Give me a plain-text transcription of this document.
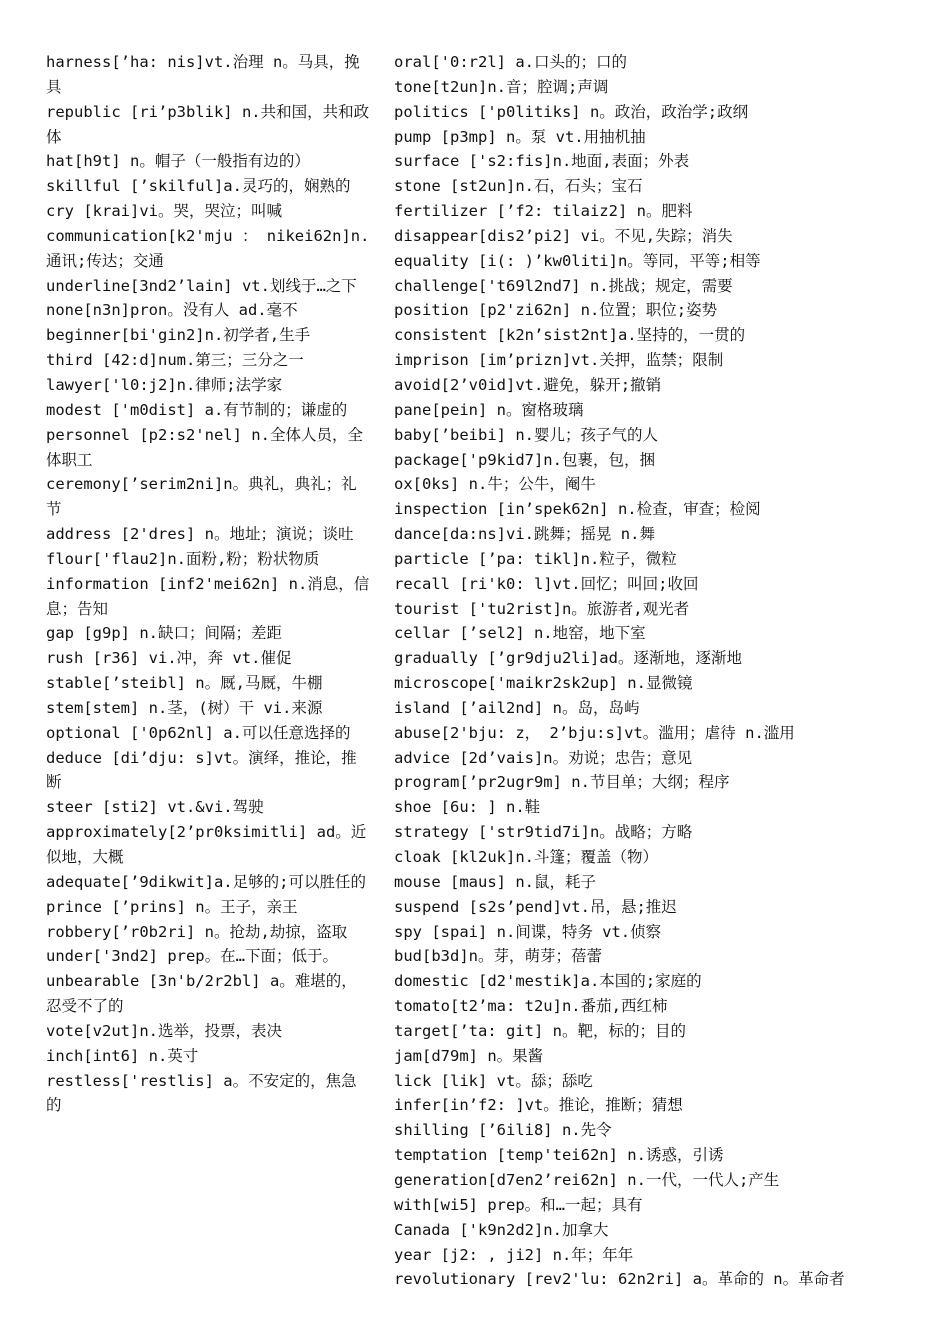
harness[’ha: nis]vt.治理 n。马具，挽具
republic [ri’p3blik] n.共和国，共和政体
hat[h9t] n。帽子（一般指有边的）
skillful [’skilful]a.灵巧的，娴熟的
cry [krai]vi。哭，哭泣；叫喊
communication[k2'mju ： nikei62n]n.通讯;传达；交通
underline[3nd2’lain] vt.划线于…之下
none[n3n]pron。没有人 ad.毫不
beginner[bi'gin2]n.初学者,生手
third [42:d]num.第三；三分之一
lawyer['l0:j2]n.律师;法学家
modest ['m0dist] a.有节制的；谦虚的
personnel [p2:s2'nel] n.全体人员，全体职工
ceremony[’serim2ni]n。典礼，典礼；礼节
address [2'dres] n。地址；演说；谈吐
flour['flau2]n.面粉,粉；粉状物质
information [inf2'mei62n] n.消息，信息；告知
gap [g9p] n.缺口；间隔；差距
rush [r36] vi.冲，奔 vt.催促
stable[’steibl] n。厩,马厩，牛棚
stem[stem] n.茎，(树）干 vi.来源
optional ['0p62nl] a.可以任意选择的
deduce [di’dju: s]vt。演绎，推论，推断
steer [sti2] vt.&vi.驾驶
approximately[2’pr0ksimitli] ad。近似地，大概
adequate[’9dikwit]a.足够的;可以胜任的
prince [’prins] n。王子，亲王
robbery[’r0b2ri] n。抢劫,劫掠，盗取
under['3nd2] prep。在…下面；低于。
unbearable [3n'b/2r2bl] a。难堪的，忍受不了的
vote[v2ut]n.选举，投票，表决
inch[int6] n.英寸
restless['restlis] a。不安定的，焦急的
oral['0:r2l] a.口头的；口的
tone[t2un]n.音；腔调;声调
politics ['p0litiks] n。政治，政治学;政纲
pump [p3mp] n。泵 vt.用抽机抽
surface ['s2:fis]n.地面,表面；外表
stone [st2un]n.石，石头；宝石
fertilizer [’f2: tilaiz2] n。肥料
disappear[dis2’pi2] vi。不见,失踪；消失
equality [i(: )’kw0liti]n。等同，平等;相等
challenge['t69l2nd7] n.挑战；规定，需要
position [p2'zi62n] n.位置；职位;姿势
consistent [k2n’sist2nt]a.坚持的，一贯的
imprison [im’prizn]vt.关押，监禁；限制
avoid[2’v0id]vt.避免，躲开;撤销
pane[pein] n。窗格玻璃
baby[’beibi] n.婴儿；孩子气的人
package['p9kid7]n.包裹，包，捆
ox[0ks] n.牛；公牛，阉牛
inspection [in’spek62n] n.检查，审查；检阅
dance[da:ns]vi.跳舞；摇晃 n.舞
particle [’pa: tikl]n.粒子，微粒
recall [ri'k0: l]vt.回忆；叫回;收回
tourist ['tu2rist]n。旅游者,观光者
cellar [’sel2] n.地窑，地下室
gradually [’gr9dju2li]ad。逐渐地，逐渐地
microscope['maikr2sk2up] n.显微镜
island [’ail2nd] n。岛，岛屿
abuse[2'bju: z， 2’bju:s]vt。滥用；虐待 n.滥用
advice [2d’vais]n。劝说；忠告；意见
program[’pr2ugr9m] n.节目单；大纲；程序
shoe [6u: ] n.鞋
strategy ['str9tid7i]n。战略；方略
cloak [kl2uk]n.斗篷；覆盖（物）
mouse [maus] n.鼠，耗子
suspend [s2s’pend]vt.吊，悬;推迟
spy [spai] n.间谍，特务 vt.侦察
bud[b3d]n。芽，萌芽；蓓蕾
domestic [d2'mestik]a.本国的;家庭的
tomato[t2’ma: t2u]n.番茄,西红柿
target[’ta: git] n。靶，标的；目的
jam[d79m] n。果酱
lick [lik] vt。舔；舔吃
infer[in’f2: ]vt。推论，推断；猜想
shilling [’6ili8] n.先令
temptation [temp'tei62n] n.诱惑，引诱
generation[d7en2’rei62n] n.一代，一代人;产生
with[wi5] prep。和…一起；具有
Canada ['k9n2d2]n.加拿大
year [j2: , ji2] n.年；年年
revolutionary [rev2'lu: 62n2ri] a。革命的 n。革命者
